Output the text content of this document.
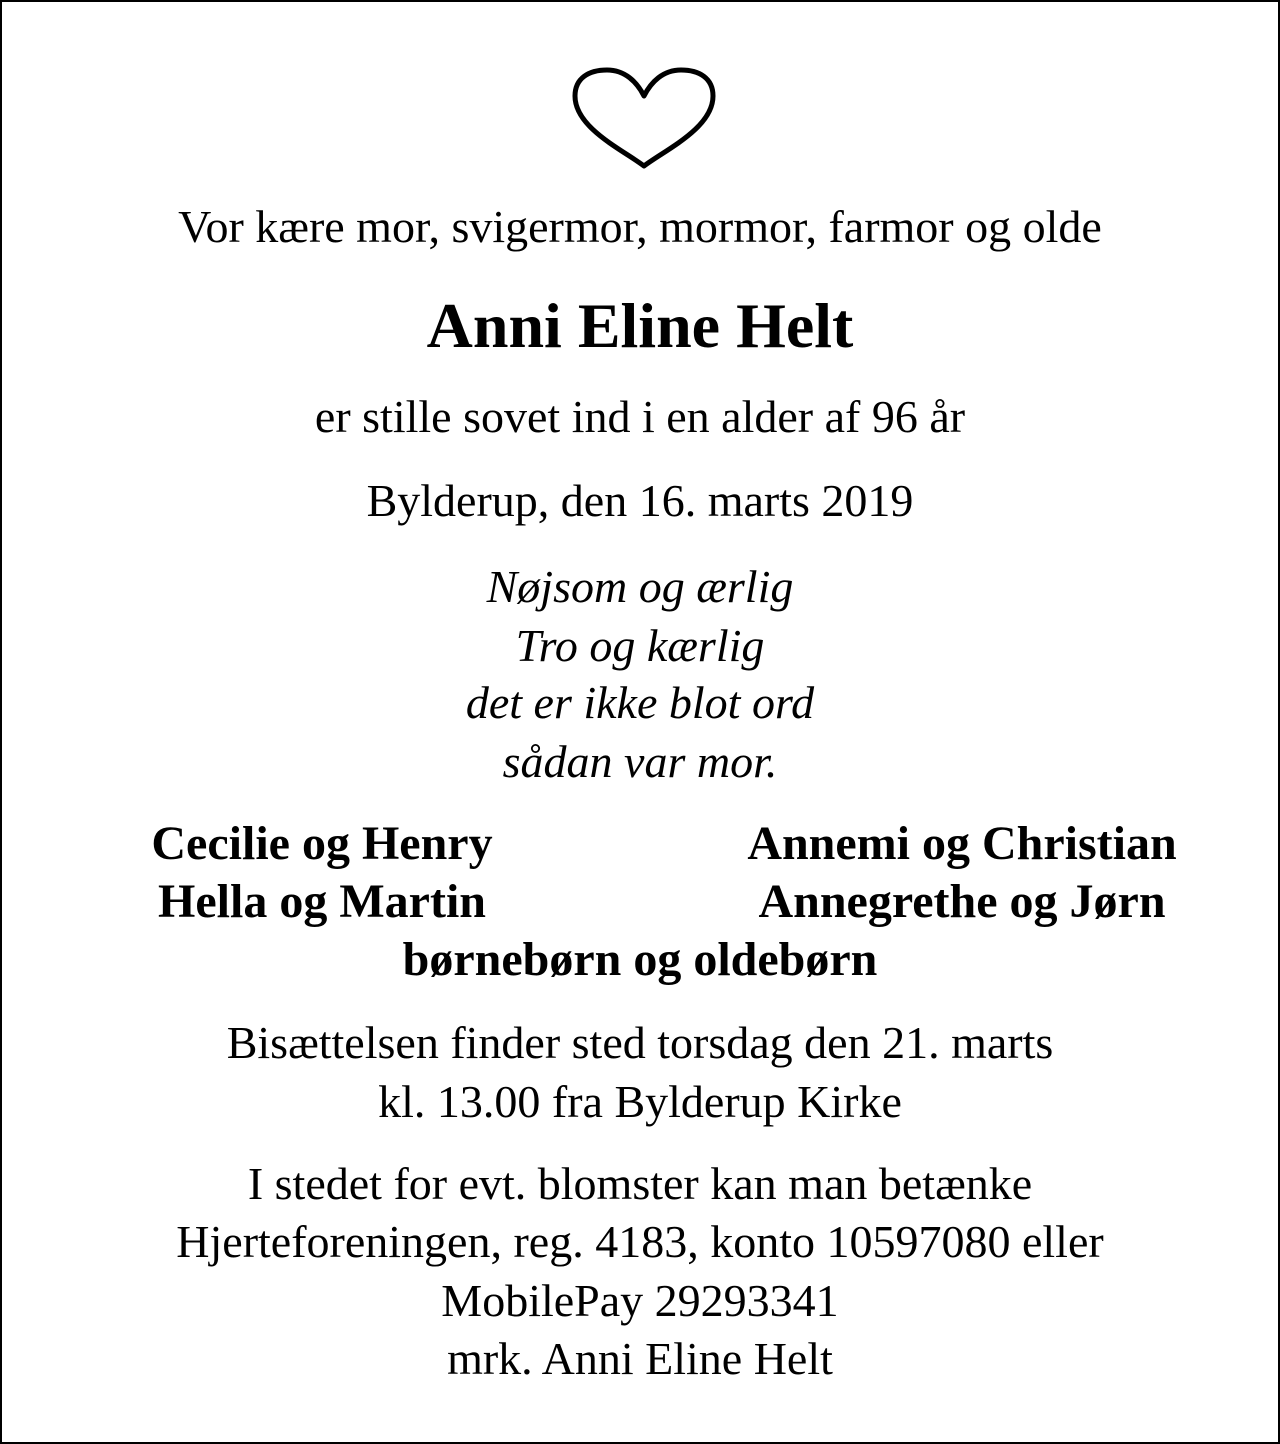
Vor kære mor, svigermor, mormor, farmor og olde
Anni Eline Helt
er stille sovet ind i en alder af 96 år
Bylderup, den 16. marts 2019
Nøjsom og ærlig
Tro og kærlig
det er ikke blot ord
sådan var mor.
Cecilie og Henry	Annemi og Christian
Hella og Martin	Annegrethe og Jørn
børnebørn og oldebørn
Bisættelsen finder sted torsdag den 21. marts
kl. 13.00 fra Bylderup Kirke
I stedet for evt. blomster kan man betænke
Hjerteforeningen, reg. 4183, konto 10597080 eller
MobilePay 29293341
mrk. Anni Eline Helt
